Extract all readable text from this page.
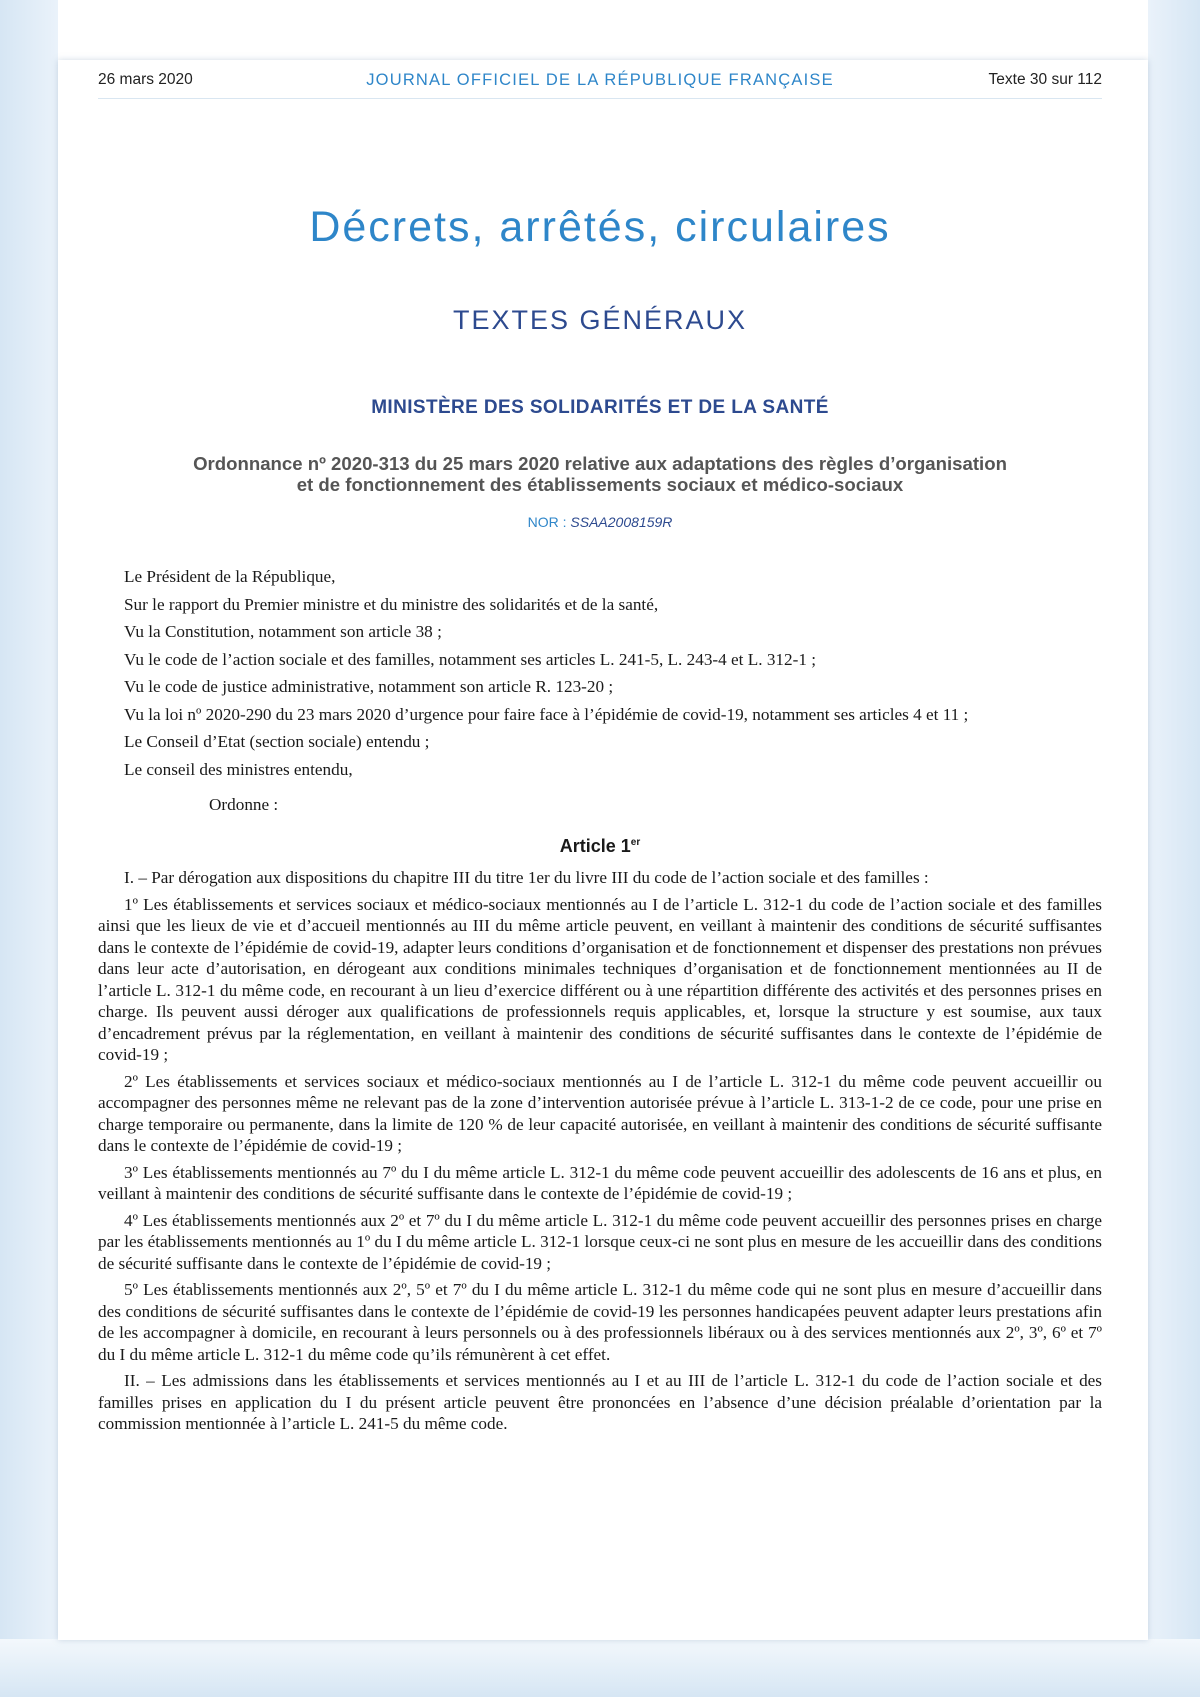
26 mars 2020	JOURNAL OFFICIEL DE LA RÉPUBLIQUE FRANÇAISE	Texte 30 sur 112
Décrets, arrêtés, circulaires
TEXTES GÉNÉRAUX
MINISTÈRE DES SOLIDARITÉS ET DE LA SANTÉ
Ordonnance nº 2020-313 du 25 mars 2020 relative aux adaptations des règles d’organisation
et de fonctionnement des établissements sociaux et médico-sociaux
NOR : SSAA2008159R

Le Président de la République,

Sur le rapport du Premier ministre et du ministre des solidarités et de la santé,

Vu la Constitution, notamment son article 38 ;

Vu le code de l’action sociale et des familles, notamment ses articles L. 241-5, L. 243-4 et L. 312-1 ;

Vu le code de justice administrative, notamment son article R. 123-20 ;

Vu la loi nº 2020-290 du 23 mars 2020 d’urgence pour faire face à l’épidémie de covid-19, notamment ses articles 4 et 11 ;

Le Conseil d’Etat (section sociale) entendu ;

Le conseil des ministres entendu,

Ordonne :

Article 1er

I. – Par dérogation aux dispositions du chapitre III du titre 1er du livre III du code de l’action sociale et des familles :

1º Les établissements et services sociaux et médico-sociaux mentionnés au I de l’article L. 312-1 du code de l’action sociale et des familles ainsi que les lieux de vie et d’accueil mentionnés au III du même article peuvent, en veillant à maintenir des conditions de sécurité suffisantes dans le contexte de l’épidémie de covid-19, adapter leurs conditions d’organisation et de fonctionnement et dispenser des prestations non prévues dans leur acte d’autorisation, en dérogeant aux conditions minimales techniques d’organisation et de fonctionnement mentionnées au II de l’article L. 312-1 du même code, en recourant à un lieu d’exercice différent ou à une répartition différente des activités et des personnes prises en charge. Ils peuvent aussi déroger aux qualifications de professionnels requis applicables, et, lorsque la structure y est soumise, aux taux d’encadrement prévus par la réglementation, en veillant à maintenir des conditions de sécurité suffisantes dans le contexte de l’épidémie de covid-19 ;

2º Les établissements et services sociaux et médico-sociaux mentionnés au I de l’article L. 312-1 du même code peuvent accueillir ou accompagner des personnes même ne relevant pas de la zone d’intervention autorisée prévue à l’article L. 313-1-2 de ce code, pour une prise en charge temporaire ou permanente, dans la limite de 120 % de leur capacité autorisée, en veillant à maintenir des conditions de sécurité suffisante dans le contexte de l’épidémie de covid-19 ;

3º Les établissements mentionnés au 7º du I du même article L. 312-1 du même code peuvent accueillir des adolescents de 16 ans et plus, en veillant à maintenir des conditions de sécurité suffisante dans le contexte de l’épidémie de covid-19 ;

4º Les établissements mentionnés aux 2º et 7º du I du même article L. 312-1 du même code peuvent accueillir des personnes prises en charge par les établissements mentionnés au 1º du I du même article L. 312-1 lorsque ceux-ci ne sont plus en mesure de les accueillir dans des conditions de sécurité suffisante dans le contexte de l’épidémie de covid-19 ;

5º Les établissements mentionnés aux 2º, 5º et 7º du I du même article L. 312-1 du même code qui ne sont plus en mesure d’accueillir dans des conditions de sécurité suffisantes dans le contexte de l’épidémie de covid-19 les personnes handicapées peuvent adapter leurs prestations afin de les accompagner à domicile, en recourant à leurs personnels ou à des professionnels libéraux ou à des services mentionnés aux 2º, 3º, 6º et 7º du I du même article L. 312-1 du même code qu’ils rémunèrent à cet effet.

II. – Les admissions dans les établissements et services mentionnés au I et au III de l’article L. 312-1 du code de l’action sociale et des familles prises en application du I du présent article peuvent être prononcées en l’absence d’une décision préalable d’orientation par la commission mentionnée à l’article L. 241-5 du même code.
